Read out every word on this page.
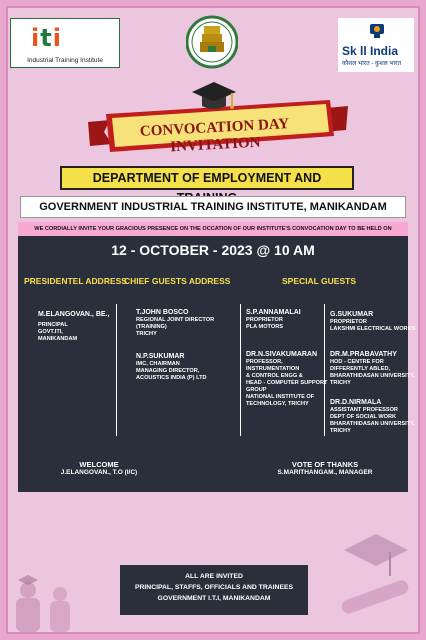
iti
Industrial Training Institute
Sk ll India
कौशल भारत - कुशल भारत
CONVOCATION DAY INVITATION
DEPARTMENT OF EMPLOYMENT AND
GOVERNMENT INDUSTRIAL TRAINING INSTITUTE, MANIKANDAM
WE CORDIALLY INVITE YOUR GRACIOUS PRESENCE ON THE OCCATION OF OUR INSTITUTE'S CONVOCATION DAY TO BE HELD ON
12 - OCTOBER - 2023 @ 10 AM
PRESIDENTEL ADDRESS
CHIEF GUESTS ADDRESS	SPECIAL GUESTS
M.ELANGOVAN., BE.,
PRINCIPAL
GOVT.ITI,
MANIKANDAM
T.JOHN BOSCO
REGIONAL JOINT DIRECTOR
(TRAINING)
TRICHY
N.P.SUKUMAR
IMC, CHAIRMAN
MANAGING DIRECTOR,
ACOUSTICS INDIA (P) LTD
S.P.ANNAMALAI
PROPRIETOR
PLA MOTORS
DR.N.SIVAKUMARAN
PROFESSOR,
INSTRUMENTATION
& CONTROL ENGG &
HEAD - COMPUTER SUPPORT
GROUP
NATIONAL INSTITUTE OF
TECHNOLOGY, TRICHY
G.SUKUMAR
PROPRIETOR
LAKSHMI ELECTRICAL WORKS
DR.M.PRABAVATHY
HOD - CENTRE FOR
DIFFERENTLY ABLED,
BHARATHIDASAN UNIVERSITY,
TRICHY
DR.D.NIRMALA
ASSISTANT PROFESSOR
DEPT OF SOCIAL WORK
BHARATHIDASAN UNIVERSITY,
TRICHY
WELCOME
J.ELANGOVAN., T.O (I/C)
VOTE OF THANKS
S.MARITHANGAM., MANAGER
ALL ARE INVITED
PRINCIPAL, STAFFS, OFFICIALS AND TRAINEES
GOVERNMENT I.T.I, MANIKANDAM
